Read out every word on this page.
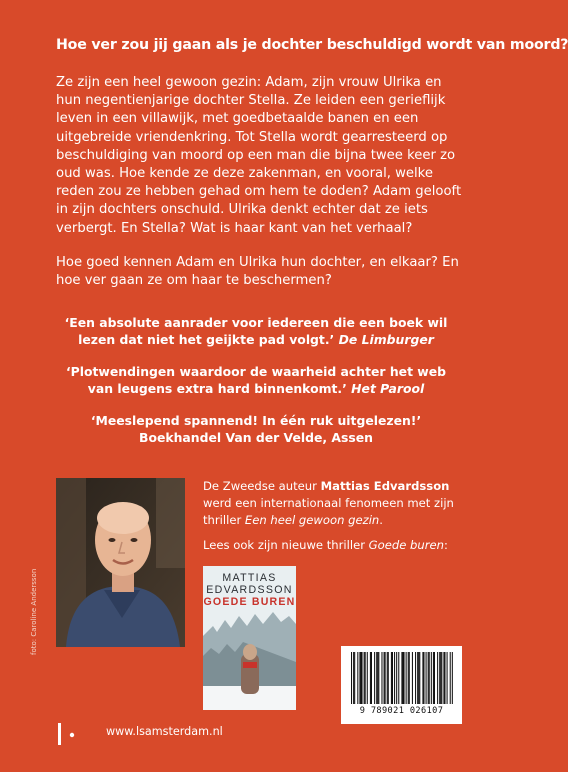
Hoe ver zou jij gaan als je dochter beschuldigd wordt van moord?

Ze zijn een heel gewoon gezin: Adam, zijn vrouw Ulrika en hun negentienjarige dochter Stella. Ze leiden een gerieflijk leven in een villawijk, met goedbetaalde banen en een uitgebreide vriendenkring. Tot Stella wordt gearresteerd op beschuldiging van moord op een man die bijna twee keer zo oud was. Hoe kende ze deze zakenman, en vooral, welke reden zou ze hebben gehad om hem te doden? Adam gelooft in zijn dochters onschuld. Ulrika denkt echter dat ze iets verbergt. En Stella? Wat is haar kant van het verhaal?

Hoe goed kennen Adam en Ulrika hun dochter, en elkaar? En hoe ver gaan ze om haar te beschermen?

‘Een absolute aanrader voor iedereen die een boek wil lezen dat niet het geijkte pad volgt.’ De Limburger
‘Plotwendingen waardoor de waarheid achter het web van leugens extra hard binnenkomt.’ Het Parool
‘Meeslepend spannend! In één ruk uitgelezen!’
Boekhandel Van der Velde, Assen
foto: Caroline Andersson

De Zweedse auteur Mattias Edvardsson werd een internationaal fenomeen met zijn thriller Een heel gewoon gezin.

Lees ook zijn nieuwe thriller Goede buren:

MATTIAS
EDVARDSSON
GOEDE BUREN
9 789021 026107
www.lsamsterdam.nl
